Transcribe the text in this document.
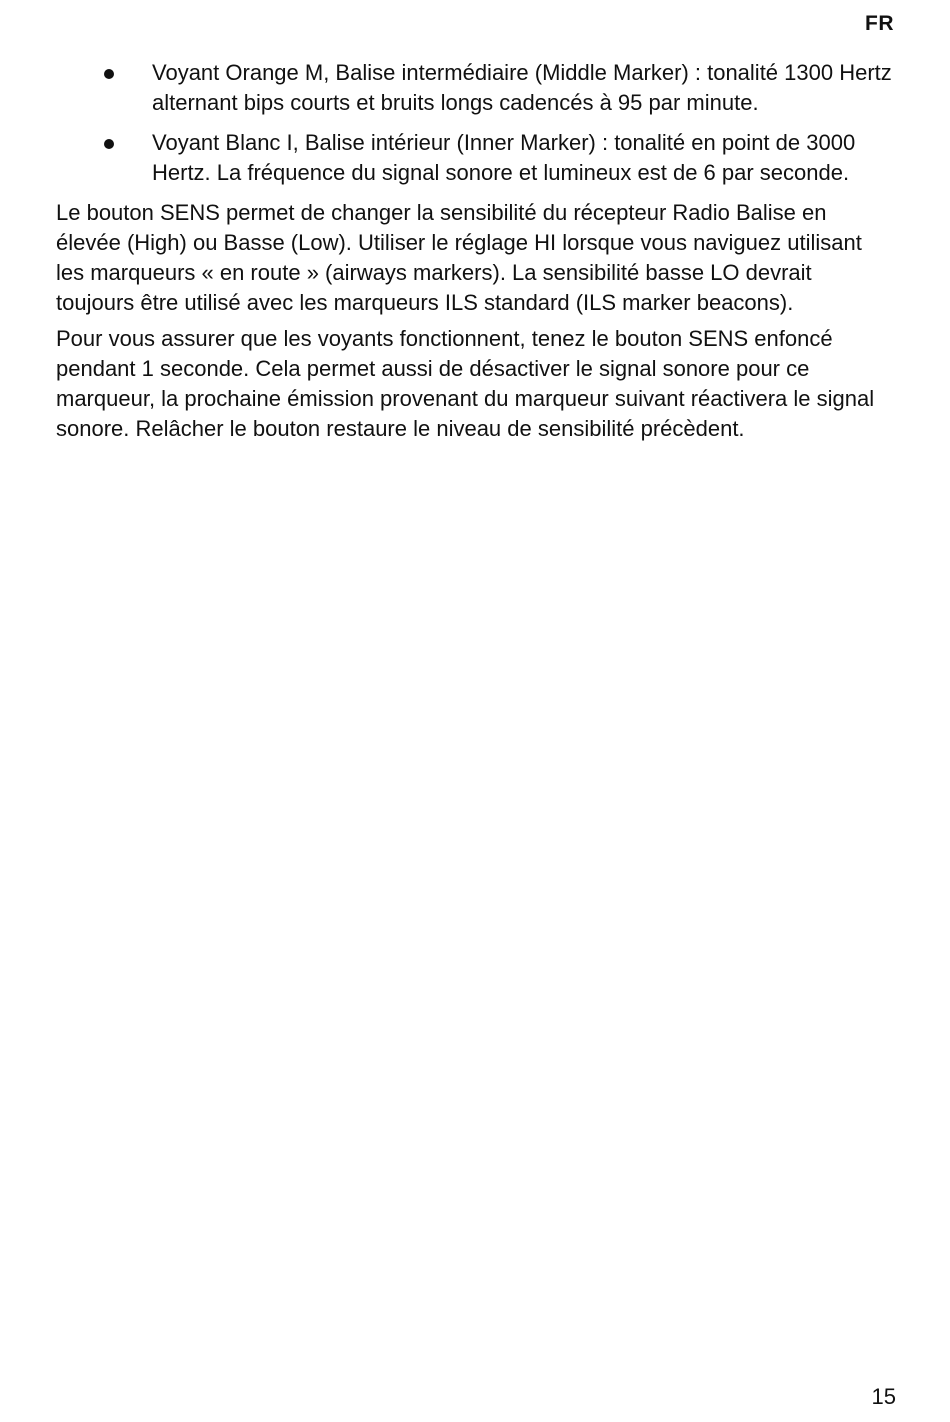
FR
Voyant Orange M, Balise intermédiaire (Middle Marker) : tonalité 1300 Hertz alternant bips courts et bruits longs cadencés à 95 par minute.
Voyant Blanc I, Balise intérieur (Inner Marker) : tonalité en point de 3000 Hertz. La fréquence du signal sonore et lumineux est de 6 par seconde.

Le bouton SENS permet de changer la sensibilité du récepteur Radio Balise en élevée (High) ou Basse (Low). Utiliser le réglage HI lorsque vous naviguez utilisant les marqueurs « en route » (airways markers). La sensibilité basse LO devrait toujours être utilisé avec les marqueurs ILS standard (ILS marker beacons).

Pour vous assurer que les voyants fonctionnent, tenez le bouton SENS enfoncé pendant 1 seconde. Cela permet aussi de désactiver le signal sonore pour ce marqueur, la prochaine émission provenant du marqueur suivant réactivera le signal sonore. Relâcher le bouton restaure le niveau de sensibilité précèdent.

15
